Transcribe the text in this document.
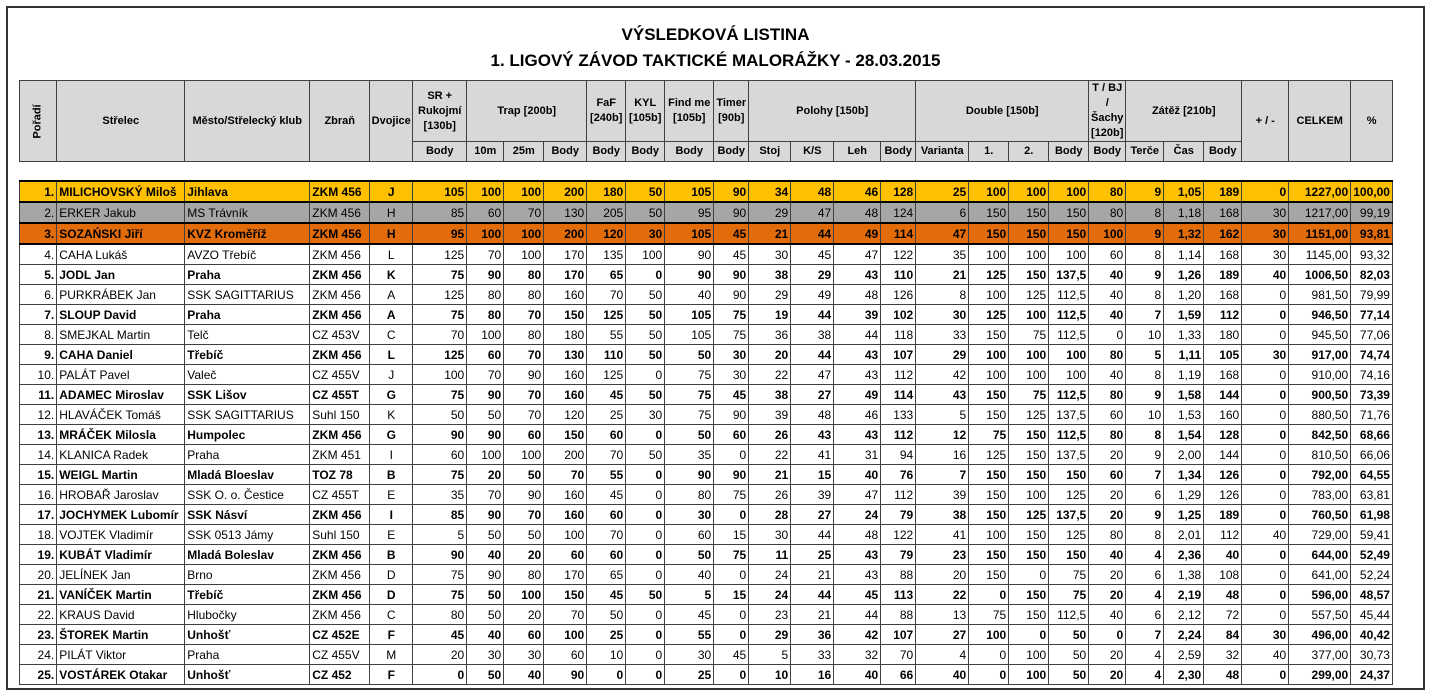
VÝSLEDKOVÁ LISTINA
1. LIGOVÝ ZÁVOD TAKTICKÉ MALORÁŽKY - 28.03.2015
Pořadí	Střelec	Město/Střelecký klub	Zbraň	Dvojice	SR + Rukojmí [130b]	Trap [200b]			FaF [240b]	KYL [105b]	Find me [105b]	Timer [90b]	Polohy [150b]				Double [150b]				T / BJ / Šachy [120b]	Zátěž [210b]			+ / -	CELKEM	%
					Body	10m	25m	Body	Body	Body	Body	Body	Stoj	K/S	Leh	Body	Varianta	1.	2.	Body	Body	Terče	Čas	Body			

1.	MILICHOVSKÝ Miloš	Jihlava	ZKM 456	J	105	100	100	200	180	50	105	90	34	48	46	128	25	100	100	100	80	9	1,05	189	0	1227,00	100,00
2.	ERKER Jakub	MS Trávník	ZKM 456	H	85	60	70	130	205	50	95	90	29	47	48	124	6	150	150	150	80	8	1,18	168	30	1217,00	99,19
3.	SOZAŃSKI Jiří	KVZ Kroměříž	ZKM 456	H	95	100	100	200	120	30	105	45	21	44	49	114	47	150	150	150	100	9	1,32	162	30	1151,00	93,81
4.	CAHA Lukáš	AVZO Třebíč	ZKM 456	L	125	70	100	170	135	100	90	45	30	45	47	122	35	100	100	100	60	8	1,14	168	30	1145,00	93,32
5.	JODL Jan	Praha	ZKM 456	K	75	90	80	170	65	0	90	90	38	29	43	110	21	125	150	137,5	40	9	1,26	189	40	1006,50	82,03
6.	PURKRÁBEK Jan	SSK SAGITTARIUS	ZKM 456	A	125	80	80	160	70	50	40	90	29	49	48	126	8	100	125	112,5	40	8	1,20	168	0	981,50	79,99
7.	SLOUP David	Praha	ZKM 456	A	75	80	70	150	125	50	105	75	19	44	39	102	30	125	100	112,5	40	7	1,59	112	0	946,50	77,14
8.	SMEJKAL Martin	Telč	CZ 453V	C	70	100	80	180	55	50	105	75	36	38	44	118	33	150	75	112,5	0	10	1,33	180	0	945,50	77,06
9.	CAHA Daniel	Třebíč	ZKM 456	L	125	60	70	130	110	50	50	30	20	44	43	107	29	100	100	100	80	5	1,11	105	30	917,00	74,74
10.	PALÁT Pavel	Valeč	CZ 455V	J	100	70	90	160	125	0	75	30	22	47	43	112	42	100	100	100	40	8	1,19	168	0	910,00	74,16
11.	ADAMEC Miroslav	SSK Lišov	CZ 455T	G	75	90	70	160	45	50	75	45	38	27	49	114	43	150	75	112,5	80	9	1,58	144	0	900,50	73,39
12.	HLAVÁČEK Tomáš	SSK SAGITTARIUS	Suhl 150	K	50	50	70	120	25	30	75	90	39	48	46	133	5	150	125	137,5	60	10	1,53	160	0	880,50	71,76
13.	MRÁČEK Milosla	Humpolec	ZKM 456	G	90	90	60	150	60	0	50	60	26	43	43	112	12	75	150	112,5	80	8	1,54	128	0	842,50	68,66
14.	KLANICA Radek	Praha	ZKM 451	I	60	100	100	200	70	50	35	0	22	41	31	94	16	125	150	137,5	20	9	2,00	144	0	810,50	66,06
15.	WEIGL Martin	Mladá Bloeslav	TOZ 78	B	75	20	50	70	55	0	90	90	21	15	40	76	7	150	150	150	60	7	1,34	126	0	792,00	64,55
16.	HROBAŘ Jaroslav	SSK O. o. Čestice	CZ 455T	E	35	70	90	160	45	0	80	75	26	39	47	112	39	150	100	125	20	6	1,29	126	0	783,00	63,81
17.	JOCHYMEK Lubomír	SSK Násví	ZKM 456	I	85	90	70	160	60	0	30	0	28	27	24	79	38	150	125	137,5	20	9	1,25	189	0	760,50	61,98
18.	VOJTEK Vladimír	SSK 0513 Jámy	Suhl 150	E	5	50	50	100	70	0	60	15	30	44	48	122	41	100	150	125	80	8	2,01	112	40	729,00	59,41
19.	KUBÁT Vladimír	Mladá Boleslav	ZKM 456	B	90	40	20	60	60	0	50	75	11	25	43	79	23	150	150	150	40	4	2,36	40	0	644,00	52,49
20.	JELÍNEK Jan	Brno	ZKM 456	D	75	90	80	170	65	0	40	0	24	21	43	88	20	150	0	75	20	6	1,38	108	0	641,00	52,24
21.	VANÍČEK Martin	Třebíč	ZKM 456	D	75	50	100	150	45	50	5	15	24	44	45	113	22	0	150	75	20	4	2,19	48	0	596,00	48,57
22.	KRAUS David	Hlubočky	ZKM 456	C	80	50	20	70	50	0	45	0	23	21	44	88	13	75	150	112,5	40	6	2,12	72	0	557,50	45,44
23.	ŠTOREK Martin	Unhošť	CZ 452E	F	45	40	60	100	25	0	55	0	29	36	42	107	27	100	0	50	0	7	2,24	84	30	496,00	40,42
24.	PILÁT Viktor	Praha	CZ 455V	M	20	30	30	60	10	0	30	45	5	33	32	70	4	0	100	50	20	4	2,59	32	40	377,00	30,73
25.	VOSTÁREK Otakar	Unhošť	CZ 452	F	0	50	40	90	0	0	25	0	10	16	40	66	40	0	100	50	20	4	2,30	48	0	299,00	24,37
